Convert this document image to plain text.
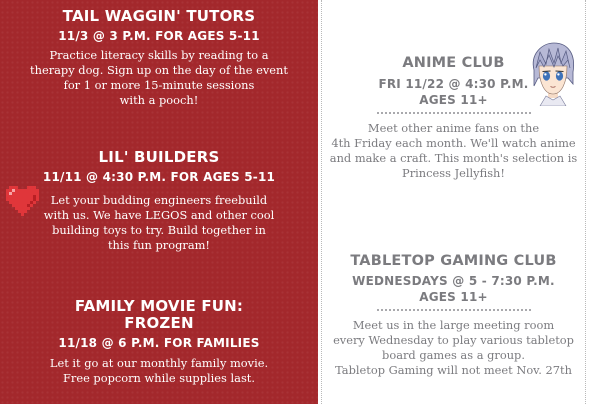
TAIL WAGGIN' TUTORS
11/3 @ 3 P.M. FOR AGES 5-11
Practice literacy skills by reading to a
therapy dog. Sign up on the day of the event
for 1 or more 15-minute sessions
with a pooch!
LIL' BUILDERS
11/11 @ 4:30 P.M. FOR AGES 5-11
Let your budding engineers freebuild
with us. We have LEGOS and other cool
building toys to try. Build together in
this fun program!
FAMILY MOVIE FUN:
FROZEN
11/18 @ 6 P.M. FOR FAMILIES
Let it go at our monthly family movie.
Free popcorn while supplies last.
ANIME CLUB
FRI 11/22 @ 4:30 P.M.
AGES 11+
Meet other anime fans on the
4th Friday each month. We'll watch anime
and make a craft. This month's selection is
Princess Jellyfish!
TABLETOP GAMING CLUB
WEDNESDAYS @ 5 - 7:30 P.M.
AGES 11+
Meet us in the large meeting room
every Wednesday to play various tabletop
board games as a group.
Tabletop Gaming will not meet Nov. 27th
